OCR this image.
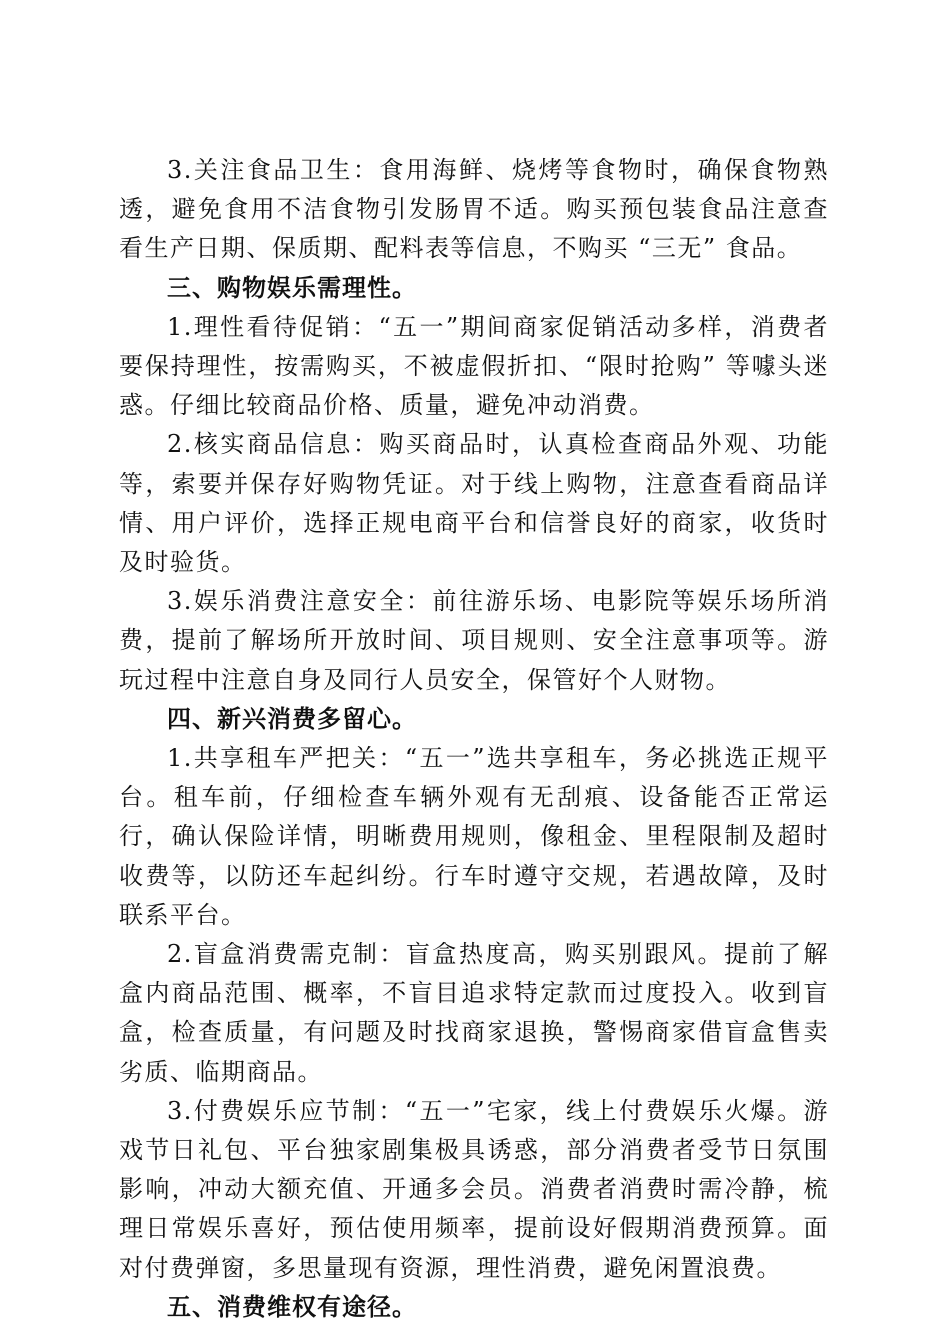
3.关注食品卫生：食用海鲜、烧烤等食物时，确保食物熟透，避免食用不洁食物引发肠胃不适。购买预包装食品注意查看生产日期、保质期、配料表等信息，不购买 “三无” 食品。

三、购物娱乐需理性。

1.理性看待促销：“五一”期间商家促销活动多样，消费者要保持理性，按需购买，不被虚假折扣、“限时抢购” 等噱头迷惑。仔细比较商品价格、质量，避免冲动消费。

2.核实商品信息：购买商品时，认真检查商品外观、功能等，索要并保存好购物凭证。对于线上购物，注意查看商品详情、用户评价，选择正规电商平台和信誉良好的商家，收货时及时验货。

3.娱乐消费注意安全：前往游乐场、电影院等娱乐场所消费，提前了解场所开放时间、项目规则、安全注意事项等。游玩过程中注意自身及同行人员安全，保管好个人财物。

四、新兴消费多留心。

1.共享租车严把关：“五一”选共享租车，务必挑选正规平台。租车前，仔细检查车辆外观有无刮痕、设备能否正常运行，确认保险详情，明晰费用规则，像租金、里程限制及超时收费等，以防还车起纠纷。行车时遵守交规，若遇故障，及时联系平台。

2.盲盒消费需克制：盲盒热度高，购买别跟风。提前了解盒内商品范围、概率，不盲目追求特定款而过度投入。收到盲盒，检查质量，有问题及时找商家退换，警惕商家借盲盒售卖劣质、临期商品。

3.付费娱乐应节制：“五一”宅家，线上付费娱乐火爆。游戏节日礼包、平台独家剧集极具诱惑，部分消费者受节日氛围影响，冲动大额充值、开通多会员。消费者消费时需冷静，梳理日常娱乐喜好，预估使用频率，提前设好假期消费预算。面对付费弹窗，多思量现有资源，理性消费，避免闲置浪费。

五、消费维权有途径。
